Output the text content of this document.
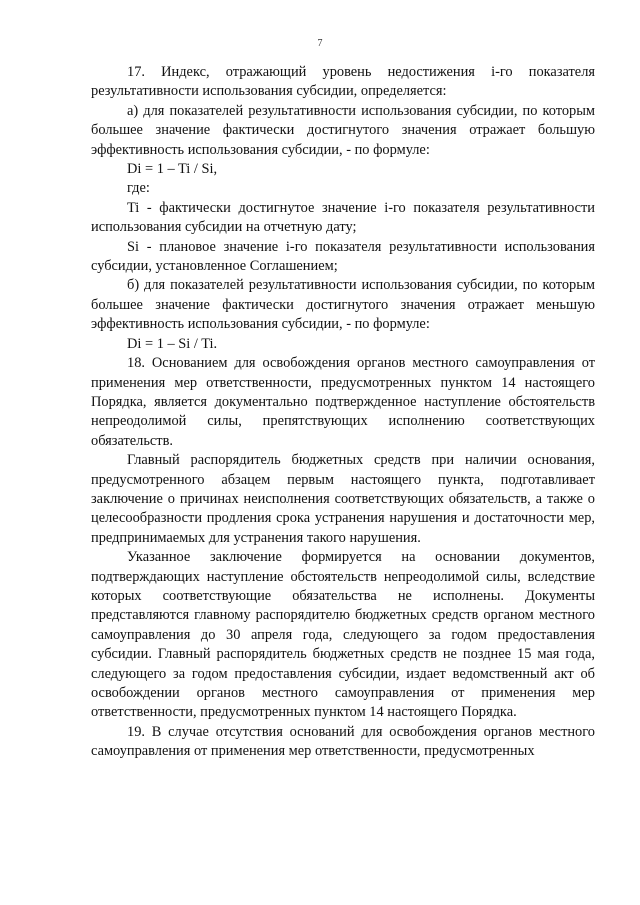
7

17. Индекс, отражающий уровень недостижения i-го показателя результативности использования субсидии, определяется:

а) для показателей результативности использования субсидии, по которым большее значение фактически достигнутого значения отражает большую эффективность использования субсидии, - по формуле:

Di = 1 – Ti / Si,

где:

Ti - фактически достигнутое значение i-го показателя результативности использования субсидии на отчетную дату;

Si - плановое значение i-го показателя результативности использования субсидии, установленное Соглашением;

б) для показателей результативности использования субсидии, по которым большее значение фактически достигнутого значения отражает меньшую эффективность использования субсидии, - по формуле:

Di = 1 – Si / Ti.

18. Основанием для освобождения органов местного самоуправления от применения мер ответственности, предусмотренных пунктом 14 настоящего Порядка, является документально подтвержденное наступление обстоятельств непреодолимой силы, препятствующих исполнению соответствующих обязательств.

Главный распорядитель бюджетных средств при наличии основания, предусмотренного абзацем первым настоящего пункта, подготавливает заключение о причинах неисполнения соответствующих обязательств, а также о целесообразности продления срока устранения нарушения и достаточности мер, предпринимаемых для устранения такого нарушения.

Указанное заключение формируется на основании документов, подтверждающих наступление обстоятельств непреодолимой силы, вследствие которых соответствующие обязательства не исполнены. Документы представляются главному распорядителю бюджетных средств органом местного самоуправления до 30 апреля года, следующего за годом предоставления субсидии. Главный распорядитель бюджетных средств не позднее 15 мая года, следующего за годом предоставления субсидии, издает ведомственный акт об освобождении органов местного самоуправления от применения мер ответственности, предусмотренных пунктом 14 настоящего Порядка.

19. В случае отсутствия оснований для освобождения органов местного самоуправления от применения мер ответственности, предусмотренных
